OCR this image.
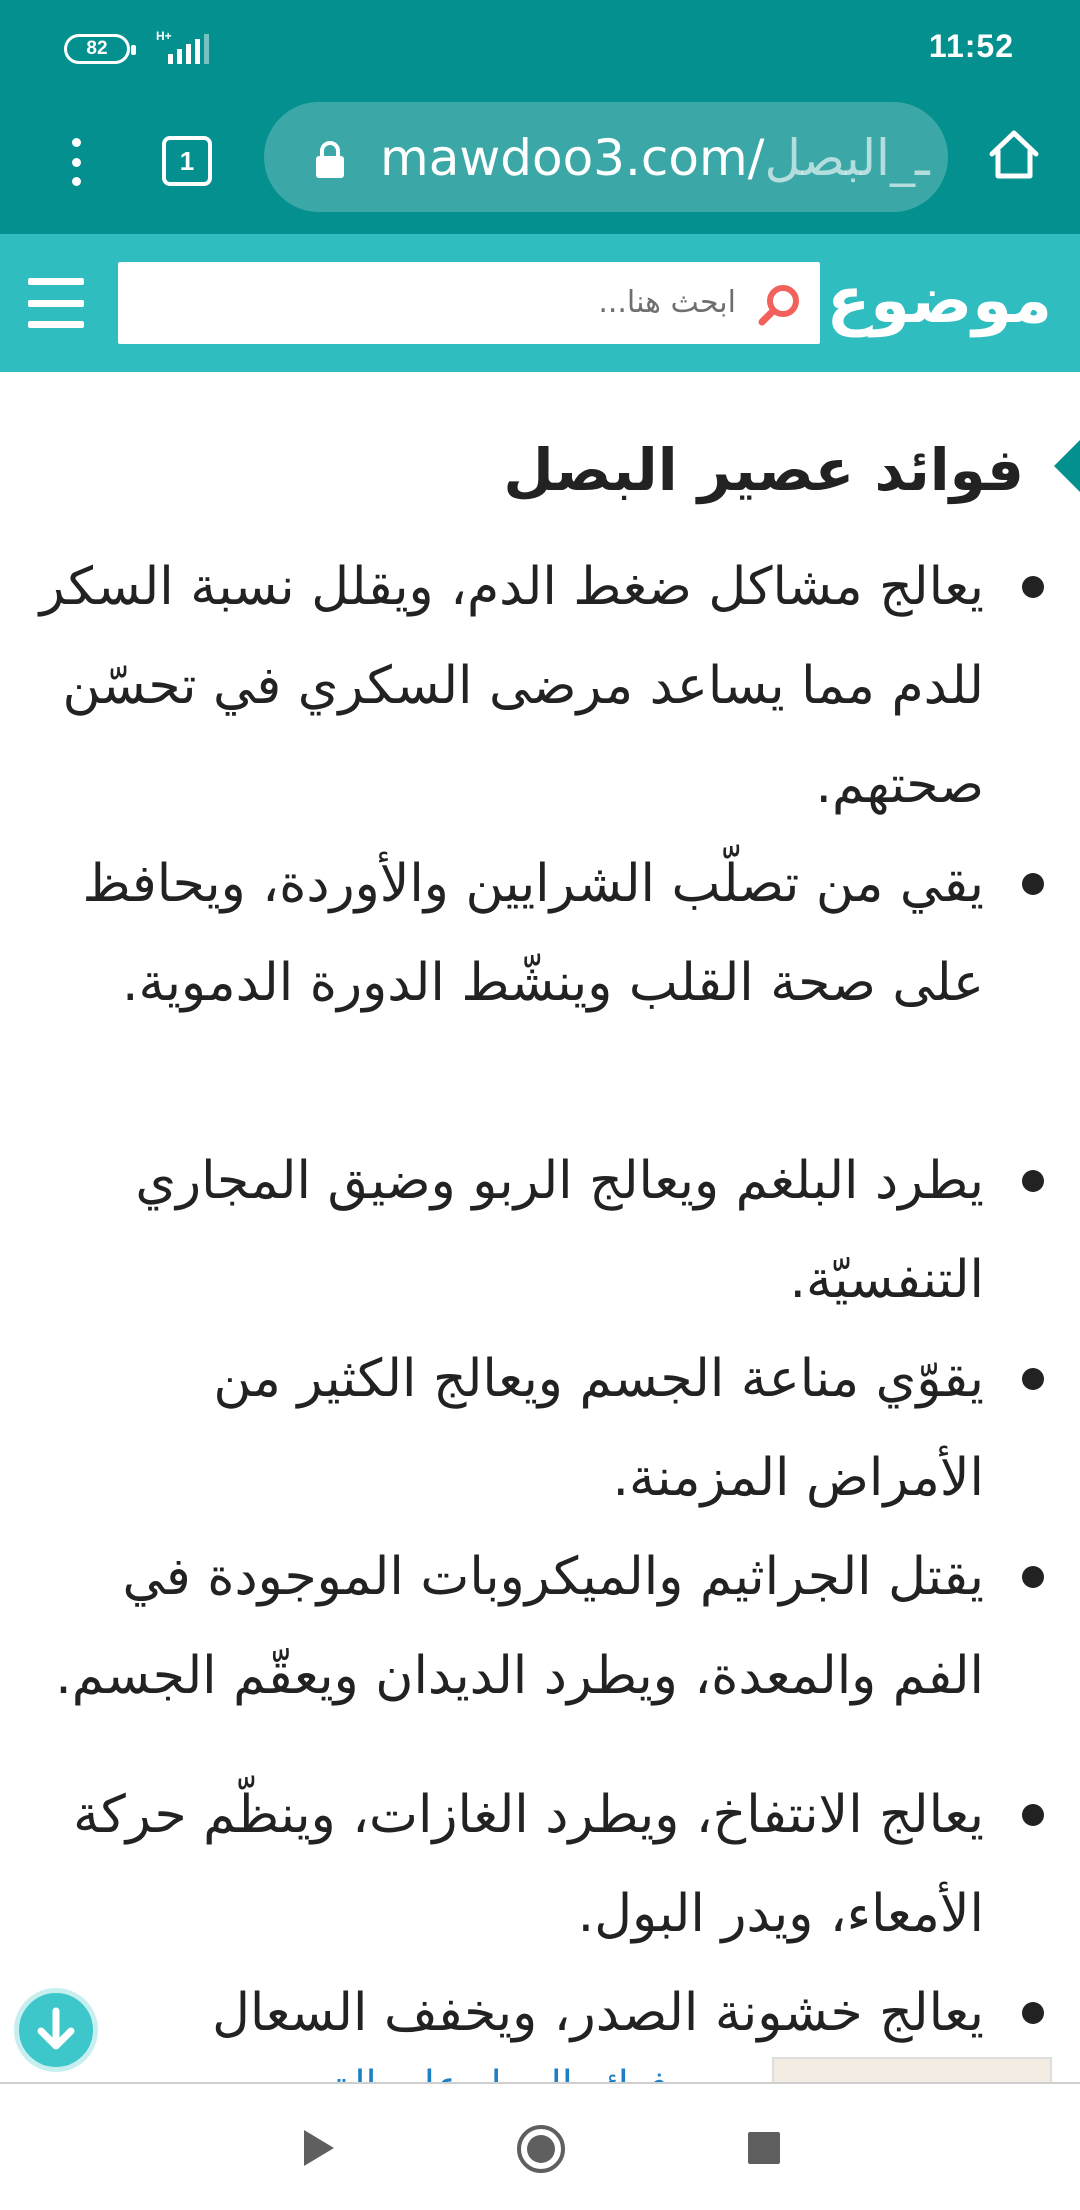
82
H+	11:52
1	mawdoo3.com/ـ_البصل
ابحث هنا... موضوع
فوائد عصير البصل
يعالج مشاكل ضغط الدم، ويقلل نسبة السكر للدم مما يساعد مرضى السكري في تحسّن صحتهم.
يقي من تصلّب الشرايين والأوردة، ويحافظ على صحة القلب وينشّط الدورة الدموية.
يطرد البلغم ويعالج الربو وضيق المجاري التنفسيّة.
يقوّي مناعة الجسم ويعالج الكثير من الأمراض المزمنة.
يقتل الجراثيم والميكروبات الموجودة في الفم والمعدة، ويطرد الديدان ويعقّم الجسم.
يعالج الانتفاخ، ويطرد الغازات، وينظّم حركة الأمعاء، ويدر البول.
يعالج خشونة الصدر، ويخفف السعال
